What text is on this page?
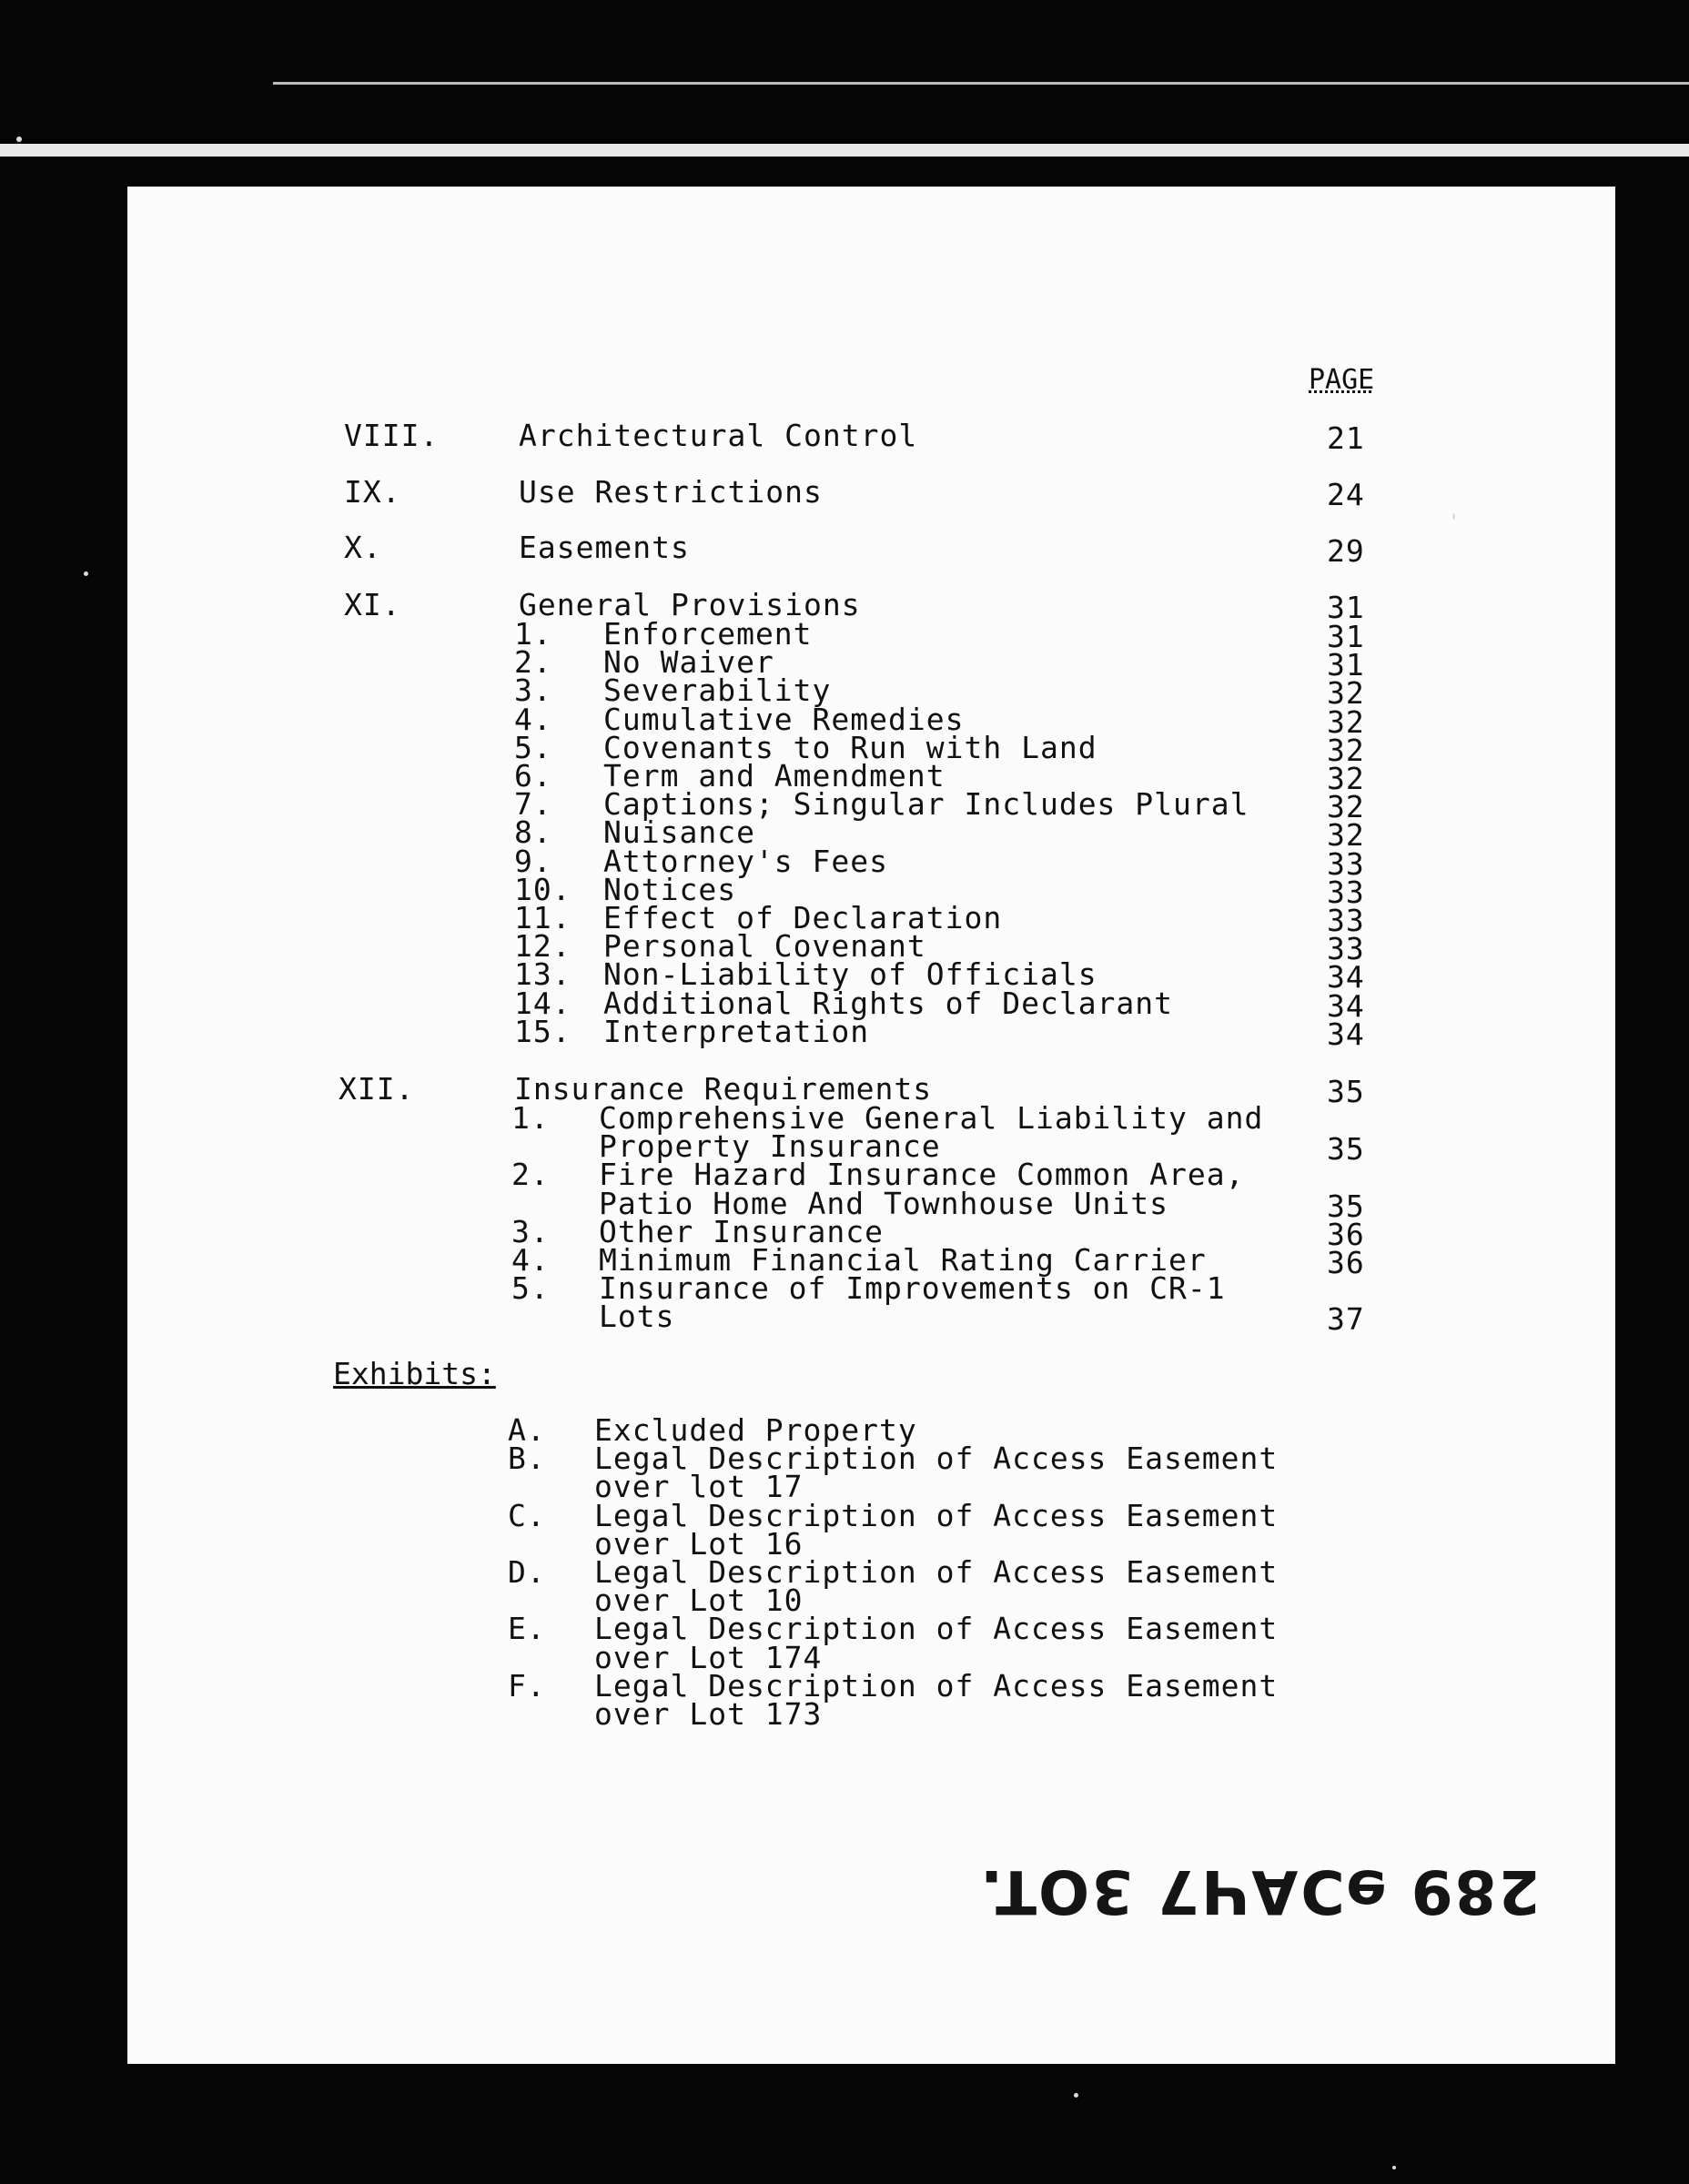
PAGE
VIII.	Architectural Control	21
IX.	Use Restrictions	24
X.	Easements	29
XI.	General Provisions	31
1. Enforcement	31
2. No Waiver	31
3. Severability	32
4. Cumulative Remedies	32
5. Covenants to Run with Land	32
6. Term and Amendment	32
7. Captions; Singular Includes Plural	32
8. Nuisance	32
9. Attorney's Fees	33
10. Notices	33
11. Effect of Declaration	33
12. Personal Covenant	33
13. Non-Liability of Officials	34
14. Additional Rights of Declarant	34
15. Interpretation	34
XII.	Insurance Requirements	35
1. Comprehensive General Liability and
Property Insurance	35
2. Fire Hazard Insurance Common Area,
Patio Home And Townhouse Units	35
3. Other Insurance	36
4. Minimum Financial Rating Carrier	36
5. Insurance of Improvements on CR-1
Lots	37
Exhibits:
A. Excluded Property
B. Legal Description of Access Easement
over lot 17
C. Legal Description of Access Easement
over Lot 16
D. Legal Description of Access Easement
over Lot 10
E. Legal Description of Access Easement
over Lot 174
F. Legal Description of Access Easement
over Lot 173
289 ɘƆAЧ7 3OT.
